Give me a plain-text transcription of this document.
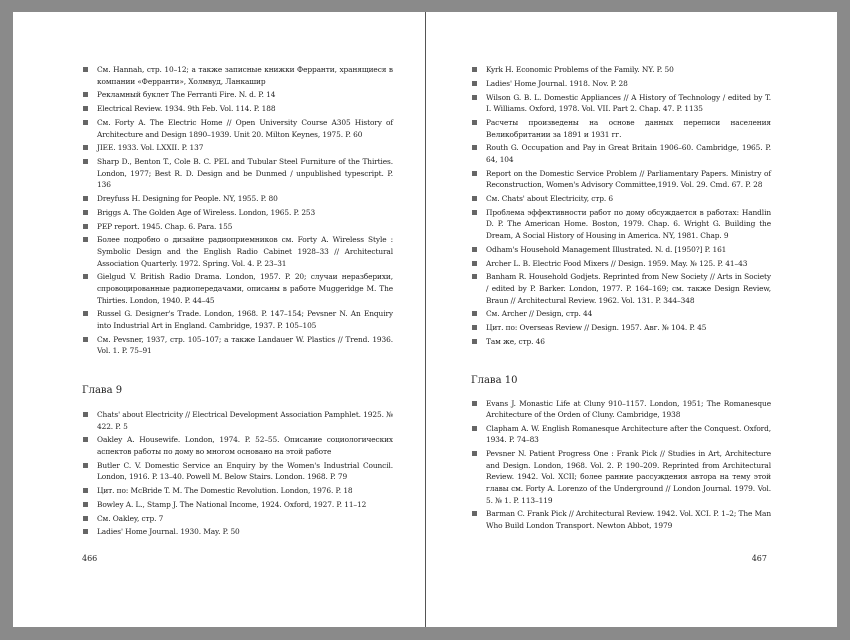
См. Hannah, стр. 10–12; а также записные книжки Ферранти, хранящиеся в компании «Ферранти», Холмвуд, Ланкашир
Рекламный буклет The Ferranti Fire. N. d. P. 14
Electrical Review. 1934. 9th Feb. Vol. 114. P. 188
См. Forty A. The Electric Home // Open University Course A305 History of Architecture and Design 1890–1939. Unit 20. Milton Keynes, 1975. P. 60
JIEE. 1933. Vol. LXXII. P. 137
Sharp D., Benton T., Cole B. C. PEL and Tubular Steel Furniture of the Thirties. London, 1977; Best R. D. Design and be Dunmed / unpublished typescript. P. 136
Dreyfuss H. Designing for People. NY, 1955. P. 80
Briggs A. The Golden Age of Wireless. London, 1965. P. 253
PEP report. 1945. Chap. 6. Para. 155
Более подробно о дизайне радиоприемников см. Forty A. Wireless Style : Symbolic Design and the English Radio Cabinet 1928–33 // Architectural Association Quarterly. 1972. Spring. Vol. 4. P. 23–31
Gielgud V. British Radio Drama. London, 1957. P. 20; случаи неразберихи, спровоцированные радиопередачами, описаны в работе Muggeridge M. The Thirties. London, 1940. P. 44–45
Russel G. Designer's Trade. London, 1968. P. 147–154; Pevsner N. An Enquiry into Industrial Art in England. Cambridge, 1937. P. 105–105
См. Pevsner, 1937, стр. 105–107; а также Landauer W. Plastics // Trend. 1936. Vol. 1. P. 75–91
Глава 9
Chats' about Electricity // Electrical Development Association Pamphlet. 1925. № 422. P. 5
Oakley A. Housewife. London, 1974. P. 52–55. Описание социологических аспектов работы по дому во многом основано на этой работе
Butler C. V. Domestic Service an Enquiry by the Women's Industrial Council. London, 1916. P. 13–40. Powell M. Below Stairs. London. 1968. P. 79
Цит. по: McBride T. M. The Domestic Revolution. London, 1976. P. 18
Bowley A. L., Stamp J. The National Income, 1924. Oxford, 1927. P. 11–12
См. Oakley, стр. 7
Ladies' Home Journal. 1930. May. P. 50
466
Kyrk H. Economic Problems of the Family. NY. P. 50
Ladies' Home Journal. 1918. Nov. P. 28
Wilson G. B. L. Domestic Appliances // A History of Technology / edited by T. I. Williams. Oxford, 1978. Vol. VII. Part 2. Chap. 47. P. 1135
Расчеты произведены на основе данных переписи населения Великобритании за 1891 и 1931 гг.
Routh G. Occupation and Pay in Great Britain 1906–60. Cambridge, 1965. P. 64, 104
Report on the Domestic Service Problem // Parliamentary Papers. Ministry of Reconstruction, Women's Advisory Committee,1919. Vol. 29. Cmd. 67. P. 28
См. Chats' about Electricity, стр. 6
Проблема эффективности работ по дому обсуждается в работах: Handlin D. P. The American Home. Boston, 1979. Chap. 6. Wright G. Building the Dream, A Social History of Housing in America. NY, 1981. Chap. 9
Odham's Household Management Illustrated. N. d. [1950?] P. 161
Archer L. B. Electric Food Mixers // Design. 1959. May. № 125. P. 41–43
Banham R. Household Godjets. Reprinted from New Society // Arts in Society / edited by P. Barker. London, 1977. P. 164–169; см. также Design Review, Braun // Architectural Review. 1962. Vol. 131. P. 344–348
См. Archer // Design, стр. 44
Цит. по: Overseas Review // Design. 1957. Авг. № 104. P. 45
Там же, стр. 46
Глава 10
Evans J. Monastic Life at Cluny 910–1157. London, 1951; The Romanesque Architecture of the Orden of Cluny. Cambridge, 1938
Clapham A. W. English Romanesque Architecture after the Conquest. Oxford, 1934. P. 74–83
Pevsner N. Patient Progress One : Frank Pick // Studies in Art, Architecture and Design. London, 1968. Vol. 2. P. 190–209. Reprinted from Architectural Review. 1942. Vol. XCII; более ранние рассуждения автора на тему этой главы см. Forty A. Lorenzo of the Underground // London Journal. 1979. Vol. 5. № 1. P. 113–119
Barman C. Frank Pick // Architectural Review. 1942. Vol. XCI. P. 1–2; The Man Who Build London Transport. Newton Abbot, 1979
467
